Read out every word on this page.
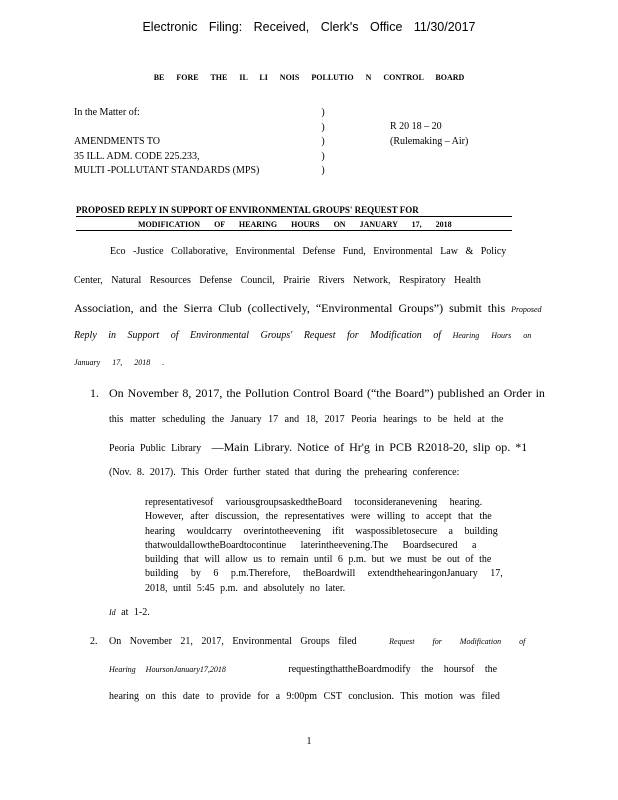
Electronic Filing: Received, Clerk's Office 11/30/2017
BE FORE THE IL LI NOIS POLLUTIO N CONTROL BOARD
In the Matter of:

AMENDMENTS TO
35 ILL. ADM. CODE 225.233,
MULTI -POLLUTANT STANDARDS (MPS)
)
)
)
)
)
R 20 18 – 20
(Rulemaking – Air)
PROPOSED REPLY IN SUPPORT OF ENVIRONMENTAL GROUPS' REQUEST FOR
MODIFICATION OF HEARING HOURS ON JANUARY 17, 2018
Eco -Justice Collaborative, Environmental Defense Fund, Environmental Law & Policy
Center, Natural Resources Defense Council, Prairie Rivers Network, Respiratory Health
Association, and the Sierra Club (collectively, “Environmental Groups”) submit this Proposed
Reply in Support of Environmental Groups' Request for Modification of Hearing Hours on
January 17, 2018 .
1. On November 8, 2017, the Pollution Control Board (“the Board”) published an Order in
this matter scheduling the January 17 and 18, 2017 Peoria hearings to be held at the
Peoria Public Library —Main Library. Notice of Hr'g in PCB R2018-20, slip op. *1
(Nov. 8. 2017). This Order further stated that during the prehearing conference:
representativesof variousgroupsaskedtheBoard toconsideranevening hearing.
However, after discussion, the representatives were willing to accept that the
hearing wouldcarry overintotheevening ifit waspossibletosecure a building
thatwouldallowtheBoardtocontinue laterintheevening.The Boardsecured a
building that will allow us to remain until 6 p.m. but we must be out of the
building by 6 p.m.Therefore, theBoardwill extendthehearingonJanuary 17,
2018, until 5:45 p.m. and absolutely no later.
Id at 1-2.
2. On November 21, 2017, Environmental Groups filed	Request for Modification of
Hearing HoursonJanuary17,2018	requestingthattheBoardmodify the hoursof the
hearing on this date to provide for a 9:00pm CST conclusion. This motion was filed
1
